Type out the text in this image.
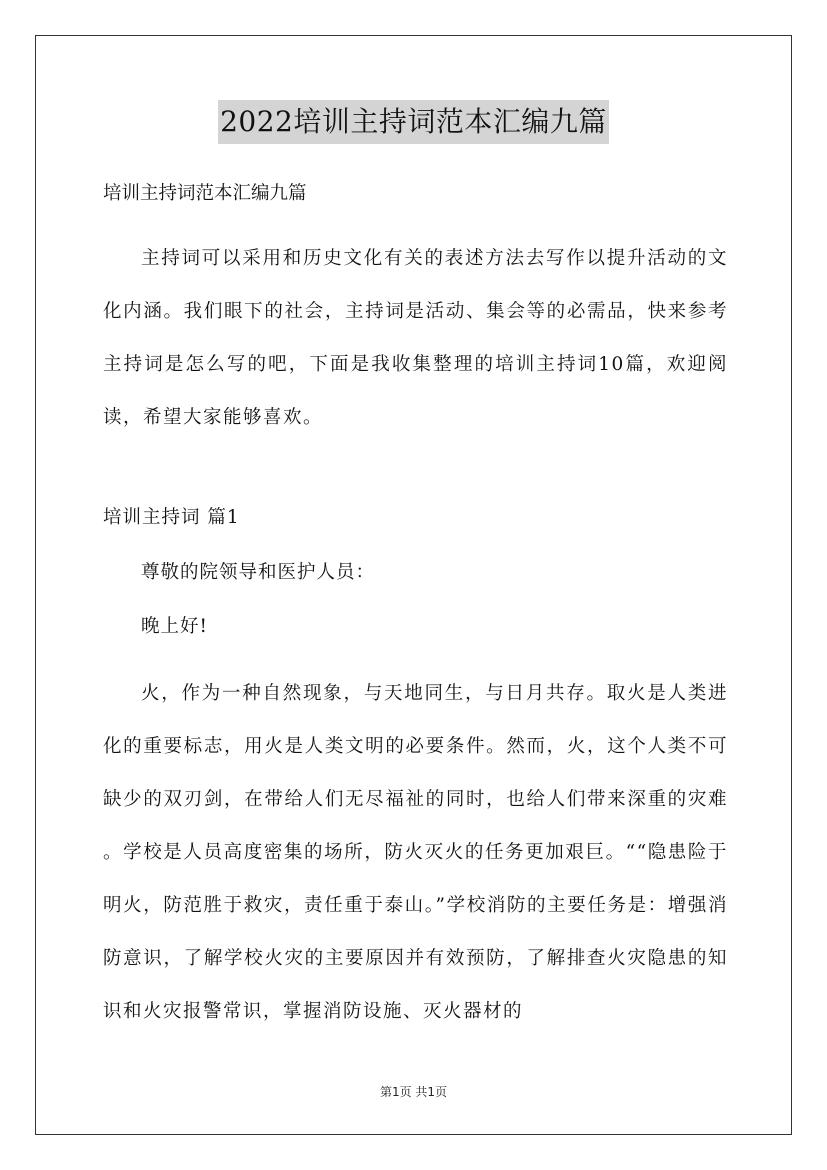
2022培训主持词范本汇编九篇
培训主持词范本汇编九篇
主持词可以采用和历史文化有关的表述方法去写作以提升活动的文化内涵。我们眼下的社会，主持词是活动、集会等的必需品，快来参考主持词是怎么写的吧，下面是我收集整理的培训主持词10篇，欢迎阅读，希望大家能够喜欢。
培训主持词 篇1
尊敬的院领导和医护人员：
晚上好!
火，作为一种自然现象，与天地同生，与日月共存。取火是人类进化的重要标志，用火是人类文明的必要条件。然而，火，这个人类不可缺少的双刃剑，在带给人们无尽福祉的同时，也给人们带来深重的灾难 。学校是人员高度密集的场所，防火灭火的任务更加艰巨。““隐患险于明火，防范胜于救灾，责任重于泰山。”学校消防的主要任务是：增强消防意识，了解学校火灾的主要原因并有效预防，了解排查火灾隐患的知识和火灾报警常识，掌握消防设施、灭火器材的
第1页 共1页
